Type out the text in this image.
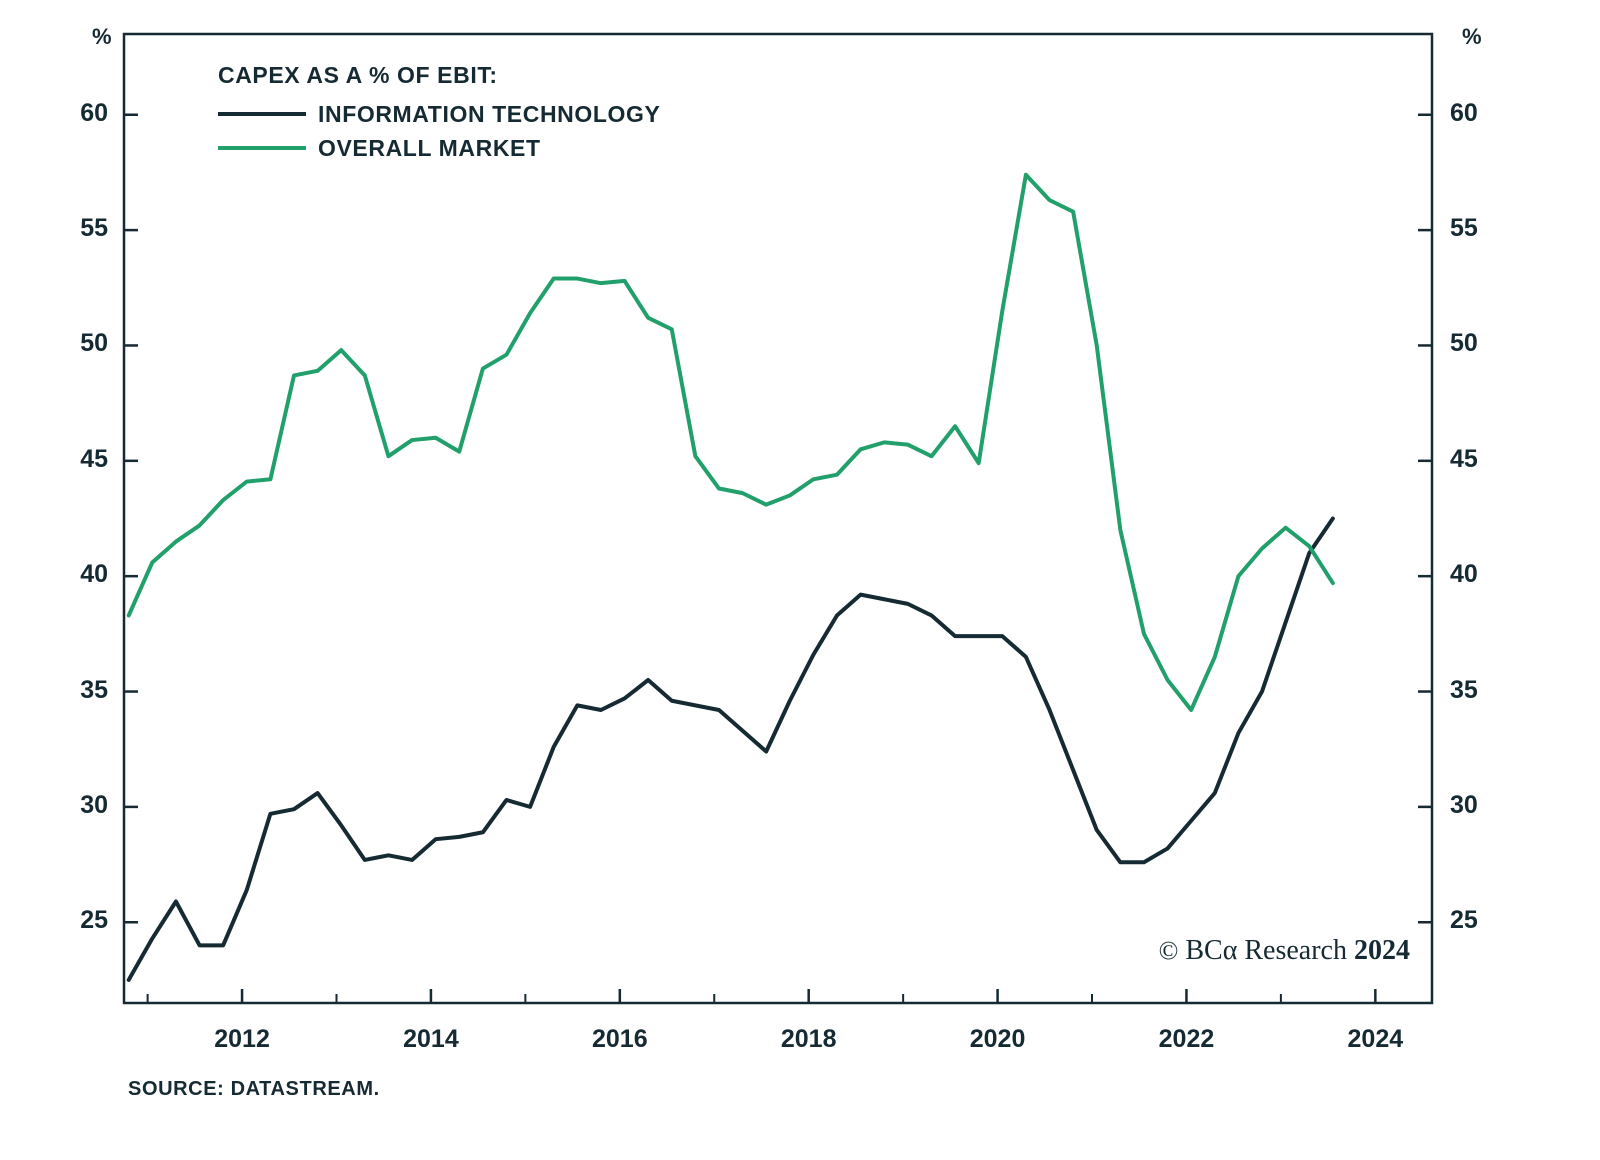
%	%
CAPEX AS A % OF EBIT:
INFORMATION TECHNOLOGY
OVERALL MARKET
© BCα Research 2024
SOURCE: DATASTREAM.
25	25
30	30
35	35
40	40
45	45
50	50
55	55
60	60
2012	2014	2016	2018	2020	2022	2024
